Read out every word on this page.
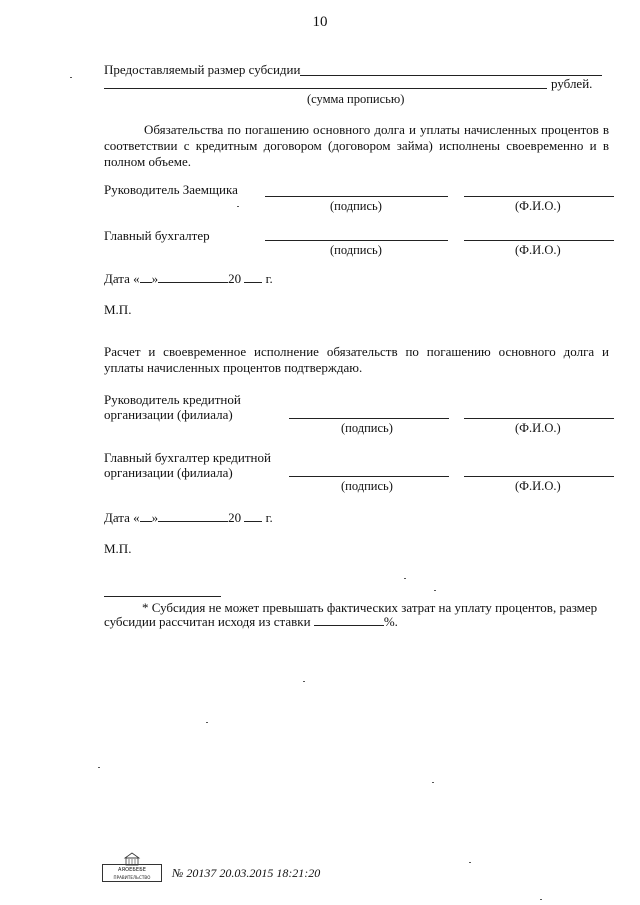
10
Предоставляемый размер субсидии
рублей.
(сумма прописью)
Обязательства по погашению основного долга и уплаты начисленных процентов в соответствии с кредитным договором (договором займа) исполнены своевременно и в полном объеме.
Руководитель Заемщика
(подпись)	(Ф.И.О.)
Главный бухгалтер
(подпись)	(Ф.И.О.)
Дата « »	20 г.
М.П.
Расчет и своевременное исполнение обязательств по погашению основного долга и уплаты начисленных процентов подтверждаю.
Руководитель кредитной
организации (филиала)
(подпись)	(Ф.И.О.)
Главный бухгалтер кредитной
организации (филиала)
(подпись)	(Ф.И.О.)
Дата « »	20 г.
М.П.
* Субсидия не может превышать фактических затрат на уплату процентов, размер
субсидии рассчитан исходя из ставки	%.
АЯОЕБЕБЕ
ПРАВИТЕЛЬСТВО	№ 20137 20.03.2015 18:21:20
